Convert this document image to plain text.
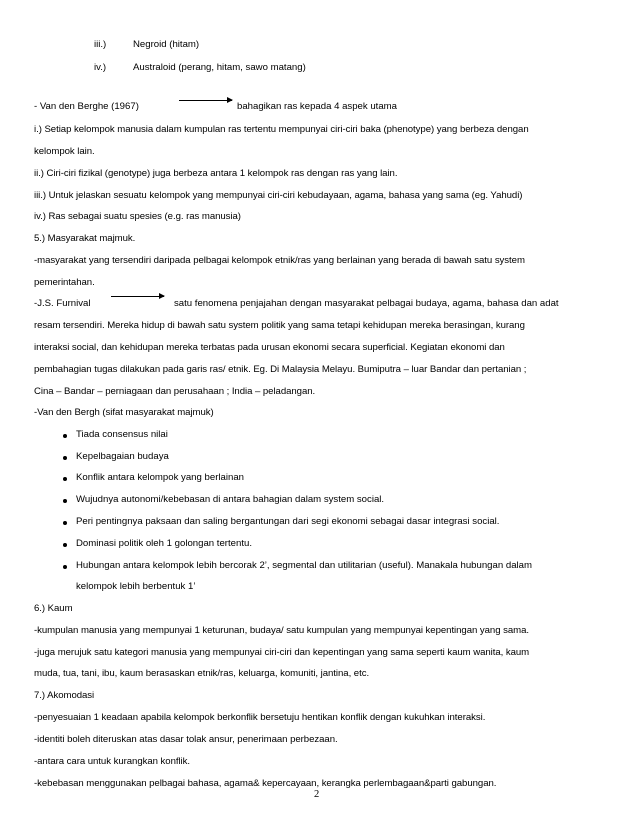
iii.)	Negroid (hitam)
iv.)	Australoid (perang, hitam, sawo matang)
- Van den Berghe (1967)	bahagikan ras kepada 4 aspek utama
i.) Setiap kelompok manusia dalam kumpulan ras tertentu mempunyai ciri-ciri baka (phenotype) yang berbeza dengan
kelompok lain.
ii.) Ciri-ciri fizikal (genotype) juga berbeza antara 1 kelompok ras dengan ras yang lain.
iii.) Untuk jelaskan sesuatu kelompok yang mempunyai ciri-ciri kebudayaan, agama, bahasa yang sama (eg. Yahudi)
iv.) Ras sebagai suatu spesies (e.g. ras manusia)
5.) Masyarakat majmuk.
-masyarakat yang tersendiri daripada pelbagai kelompok etnik/ras yang berlainan yang berada di bawah satu system
pemerintahan.
-J.S. Furnival	satu fenomena penjajahan dengan masyarakat pelbagai budaya, agama, bahasa dan adat
resam tersendiri. Mereka hidup di bawah satu system politik yang sama tetapi kehidupan mereka berasingan, kurang
interaksi social, dan kehidupan mereka terbatas pada urusan ekonomi secara superficial. Kegiatan ekonomi dan
pembahagian tugas dilakukan pada garis ras/ etnik. Eg. Di Malaysia Melayu. Bumiputra – luar Bandar dan pertanian ;
Cina – Bandar – perniagaan dan perusahaan ; India – peladangan.
-Van den Bergh (sifat masyarakat majmuk)
Tiada consensus nilai
Kepelbagaian budaya
Konflik antara kelompok yang berlainan
Wujudnya autonomi/kebebasan di antara bahagian dalam system social.
Peri pentingnya paksaan dan saling bergantungan dari segi ekonomi sebagai dasar integrasi social.
Dominasi politik oleh 1 golongan tertentu.
Hubungan antara kelompok lebih bercorak 2’, segmental dan utilitarian (useful). Manakala hubungan dalam
kelompok lebih berbentuk 1’
6.) Kaum
-kumpulan manusia yang mempunyai 1 keturunan, budaya/ satu kumpulan yang mempunyai kepentingan yang sama.
-juga merujuk satu kategori manusia yang mempunyai ciri-ciri dan kepentingan yang sama seperti kaum wanita, kaum
muda, tua, tani, ibu, kaum berasaskan etnik/ras, keluarga, komuniti, jantina, etc.
7.) Akomodasi
-penyesuaian 1 keadaan apabila kelompok berkonflik bersetuju hentikan konflik dengan kukuhkan interaksi.
-identiti boleh diteruskan atas dasar tolak ansur, penerimaan perbezaan.
-antara cara untuk kurangkan konflik.
-kebebasan menggunakan pelbagai bahasa, agama& kepercayaan, kerangka perlembagaan&parti gabungan.
2
